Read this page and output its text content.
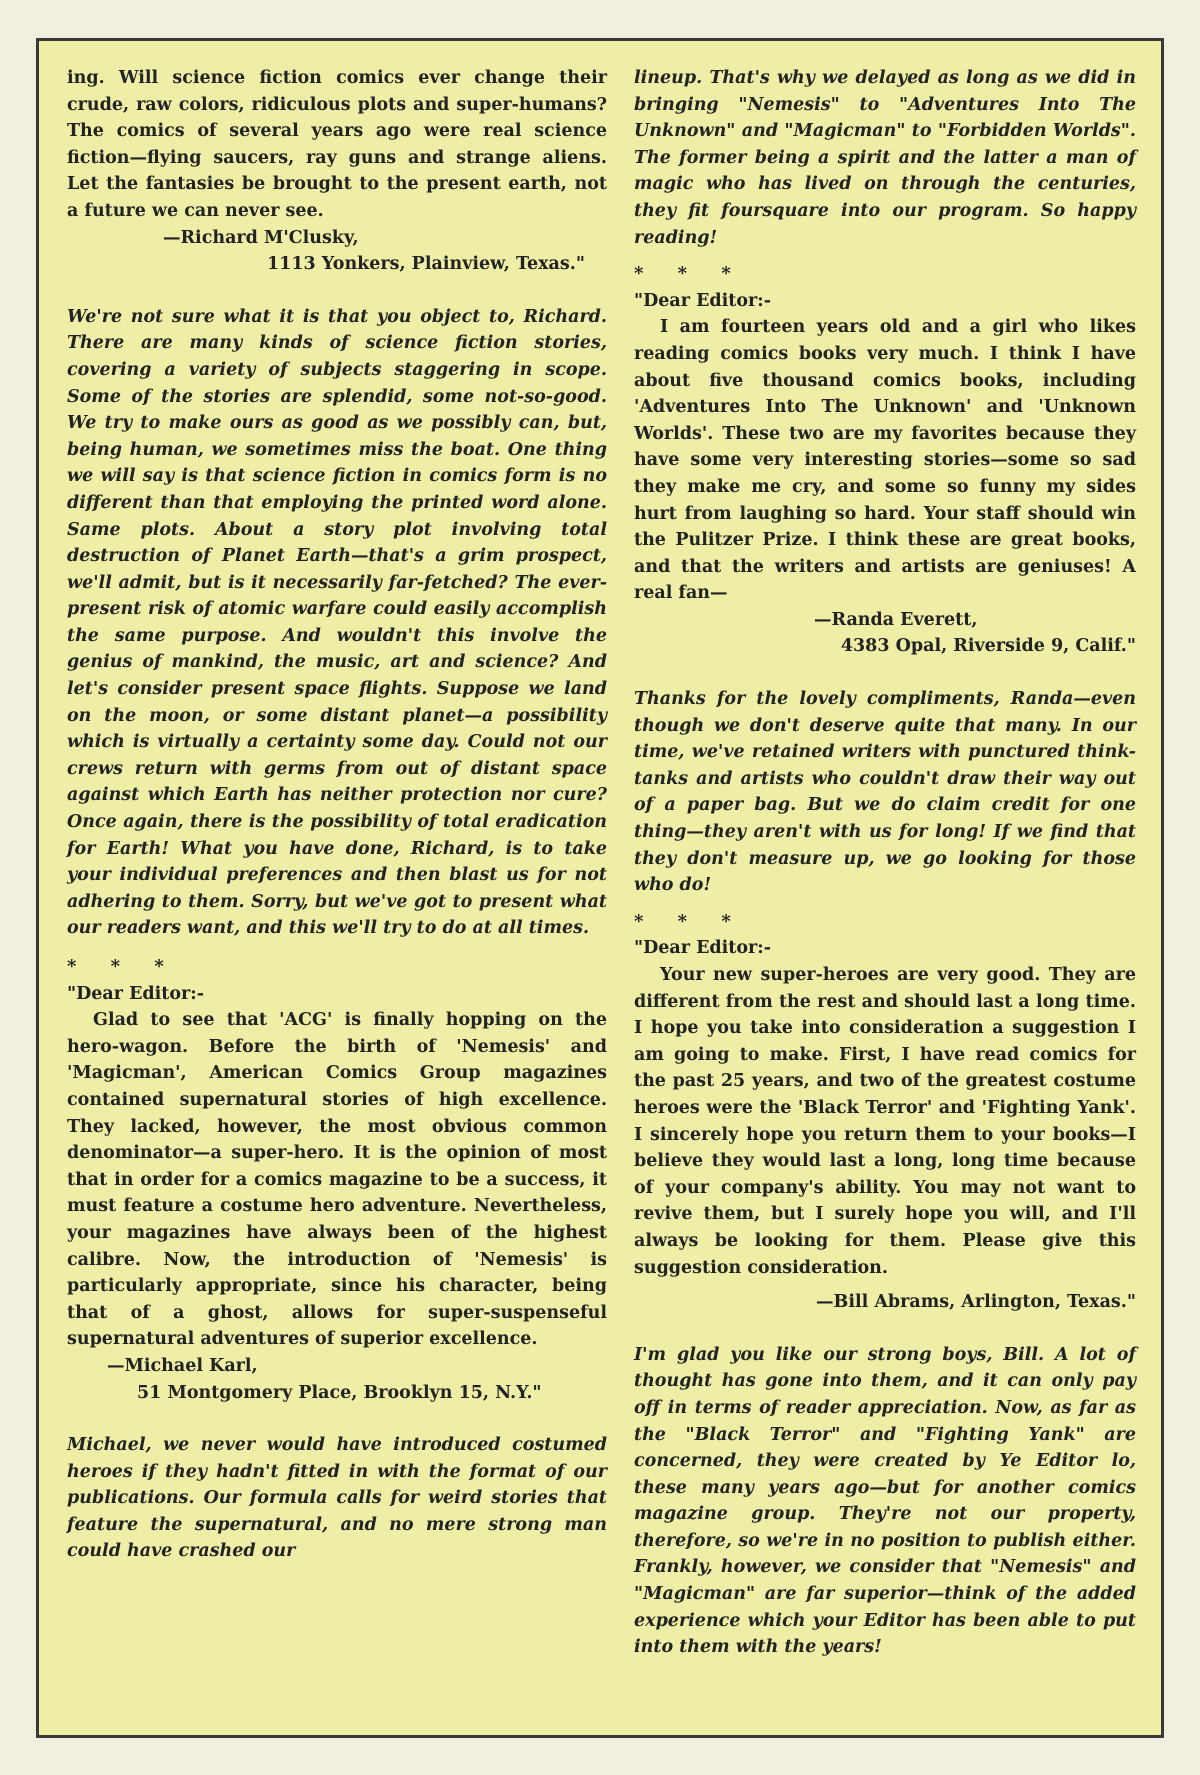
ing. Will science fiction comics ever change their crude, raw colors, ridiculous plots and super-humans? The comics of several years ago were real science fiction—flying saucers, ray guns and strange aliens. Let the fantasies be brought to the present earth, not a future we can never see.

—Richard M'Clusky,

1113 Yonkers, Plainview, Texas."

We're not sure what it is that you object to, Richard. There are many kinds of science fiction stories, covering a variety of subjects staggering in scope. Some of the stories are splendid, some not-so-good. We try to make ours as good as we possibly can, but, being human, we sometimes miss the boat. One thing we will say is that science fiction in comics form is no different than that employing the printed word alone. Same plots. About a story plot involving total destruction of Planet Earth—that's a grim prospect, we'll admit, but is it necessarily far-fetched? The ever-present risk of atomic warfare could easily accomplish the same purpose. And wouldn't this involve the genius of mankind, the music, art and science? And let's consider present space flights. Suppose we land on the moon, or some distant planet—a possibility which is virtually a certainty some day. Could not our crews return with germs from out of distant space against which Earth has neither protection nor cure? Once again, there is the possibility of total eradication for Earth! What you have done, Richard, is to take your individual preferences and then blast us for not adhering to them. Sorry, but we've got to present what our readers want, and this we'll try to do at all times.

* * *

"Dear Editor:-

Glad to see that 'ACG' is finally hopping on the hero-wagon. Before the birth of 'Nemesis' and 'Magicman', American Comics Group magazines contained supernatural stories of high excellence. They lacked, however, the most obvious common denominator—a super-hero. It is the opinion of most that in order for a comics magazine to be a success, it must feature a costume hero adventure. Nevertheless, your magazines have always been of the highest calibre. Now, the introduction of 'Nemesis' is particularly appropriate, since his character, being that of a ghost, allows for super-suspenseful supernatural adventures of superior excellence.

—Michael Karl,

51 Montgomery Place, Brooklyn 15, N.Y."

Michael, we never would have introduced costumed heroes if they hadn't fitted in with the format of our publications. Our formula calls for weird stories that feature the supernatural, and no mere strong man could have crashed our

lineup. That's why we delayed as long as we did in bringing "Nemesis" to "Adventures Into The Unknown" and "Magicman" to "Forbidden Worlds". The former being a spirit and the latter a man of magic who has lived on through the centuries, they fit foursquare into our program. So happy reading!

* * *

"Dear Editor:-

I am fourteen years old and a girl who likes reading comics books very much. I think I have about five thousand comics books, including 'Adventures Into The Unknown' and 'Unknown Worlds'. These two are my favorites because they have some very interesting stories—some so sad they make me cry, and some so funny my sides hurt from laughing so hard. Your staff should win the Pulitzer Prize. I think these are great books, and that the writers and artists are geniuses! A real fan—

—Randa Everett,

4383 Opal, Riverside 9, Calif."

Thanks for the lovely compliments, Randa—even though we don't deserve quite that many. In our time, we've retained writers with punctured think-tanks and artists who couldn't draw their way out of a paper bag. But we do claim credit for one thing—they aren't with us for long! If we find that they don't measure up, we go looking for those who do!

* * *

"Dear Editor:-

Your new super-heroes are very good. They are different from the rest and should last a long time. I hope you take into consideration a suggestion I am going to make. First, I have read comics for the past 25 years, and two of the greatest costume heroes were the 'Black Terror' and 'Fighting Yank'. I sincerely hope you return them to your books—I believe they would last a long, long time because of your company's ability. You may not want to revive them, but I surely hope you will, and I'll always be looking for them. Please give this suggestion consideration.

—Bill Abrams, Arlington, Texas."

I'm glad you like our strong boys, Bill. A lot of thought has gone into them, and it can only pay off in terms of reader appreciation. Now, as far as the "Black Terror" and "Fighting Yank" are concerned, they were created by Ye Editor lo, these many years ago—but for another comics magazine group. They're not our property, therefore, so we're in no position to publish either. Frankly, however, we consider that "Nemesis" and "Magicman" are far superior—think of the added experience which your Editor has been able to put into them with the years!
